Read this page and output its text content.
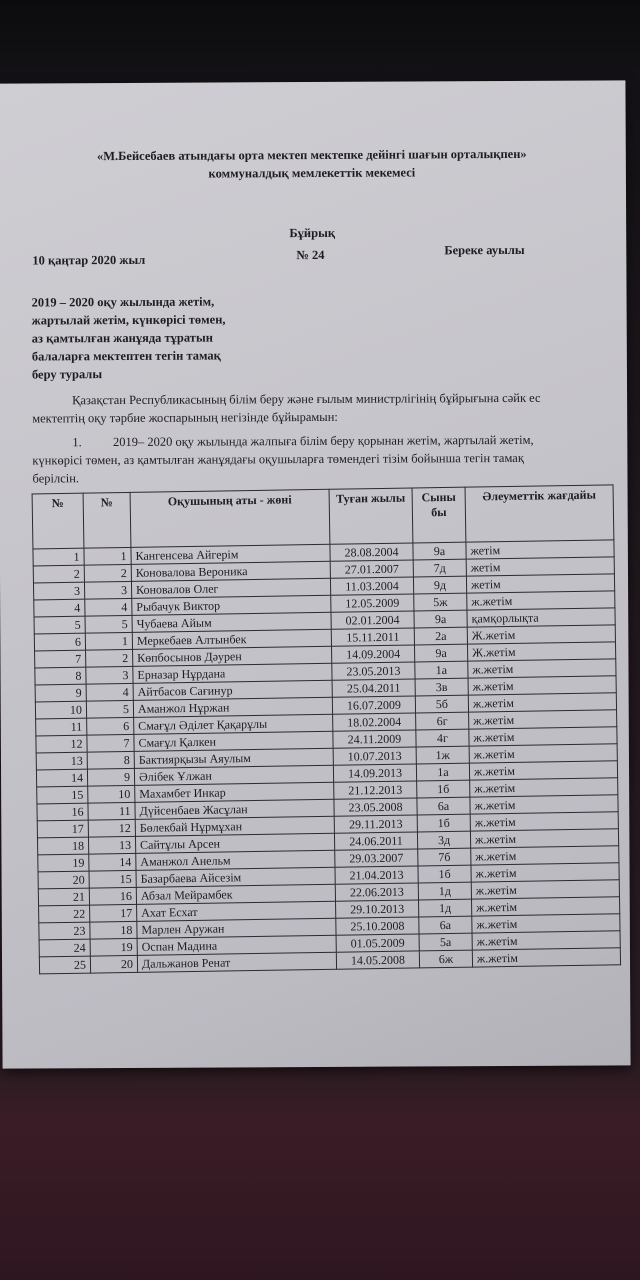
«М.Бейсебаев атындағы орта мектеп мектепке дейінгі шағын орталықпен»
коммуналдық мемлекеттік мекемесі
Бұйрық
10 қаңтар 2020 жыл	№ 24	Береке ауылы
2019 – 2020 оқу жылында жетім,
жартылай жетім, күнкөрісі төмен,
аз қамтылған жанұяда тұратын
балаларға мектептен тегін тамақ
беру туралы
Қазақстан Республикасының білім беру және ғылым министрлігінің бұйрығына сәйк ес мектептің оқу тәрбие жоспарының негізінде бұйырамын:
1. 2019– 2020 оқу жылында жалпыға білім беру қорынан жетім, жартылай жетім, күнкөрісі төмен, аз қамтылған жанұядағы оқушыларға төмендегі тізім бойынша тегін тамақ берілсін.
№	№	Оқушының аты - жөні	Туған жылы	Сыны бы	Әлеуметтік жағдайы
1	1	Кангенсева Айгерім	28.08.2004	9а	жетім
2	2	Коновалова Вероника	27.01.2007	7д	жетім
3	3	Коновалов Олег	11.03.2004	9д	жетім
4	4	Рыбачук Виктор	12.05.2009	5ж	ж.жетім
5	5	Чубаева Айым	02.01.2004	9а	қамқорлықта
6	1	Меркебаев Алтынбек	15.11.2011	2а	Ж.жетім
7	2	Көпбосынов Дәурен	14.09.2004	9а	Ж.жетім
8	3	Ерназар Нұрдана	23.05.2013	1а	ж.жетім
9	4	Айтбасов Сағинур	25.04.2011	3в	ж.жетім
10	5	Аманжол Нұржан	16.07.2009	5б	ж.жетім
11	6	Смағұл Әділет Қақарұлы	18.02.2004	6г	ж.жетім
12	7	Смағұл Қалкен	24.11.2009	4г	ж.жетім
13	8	Бактиярқызы Аяулым	10.07.2013	1ж	ж.жетім
14	9	Әлібек Ұлжан	14.09.2013	1а	ж.жетім
15	10	Махамбет Инкар	21.12.2013	1б	ж.жетім
16	11	Дүйсенбаев Жасұлан	23.05.2008	6а	ж.жетім
17	12	Бөлекбай Нұрмұхан	29.11.2013	1б	ж.жетім
18	13	Сайтұлы Арсен	24.06.2011	3д	ж.жетім
19	14	Аманжол Анельм	29.03.2007	7б	ж.жетім
20	15	Базарбаева Айсезім	21.04.2013	1б	ж.жетім
21	16	Абзал Мейрамбек	22.06.2013	1д	ж.жетім
22	17	Ахат Есхат	29.10.2013	1д	ж.жетім
23	18	Марлен Аружан	25.10.2008	6а	ж.жетім
24	19	Оспан Мадина	01.05.2009	5а	ж.жетім
25	20	Дальжанов Ренат	14.05.2008	6ж	ж.жетім
